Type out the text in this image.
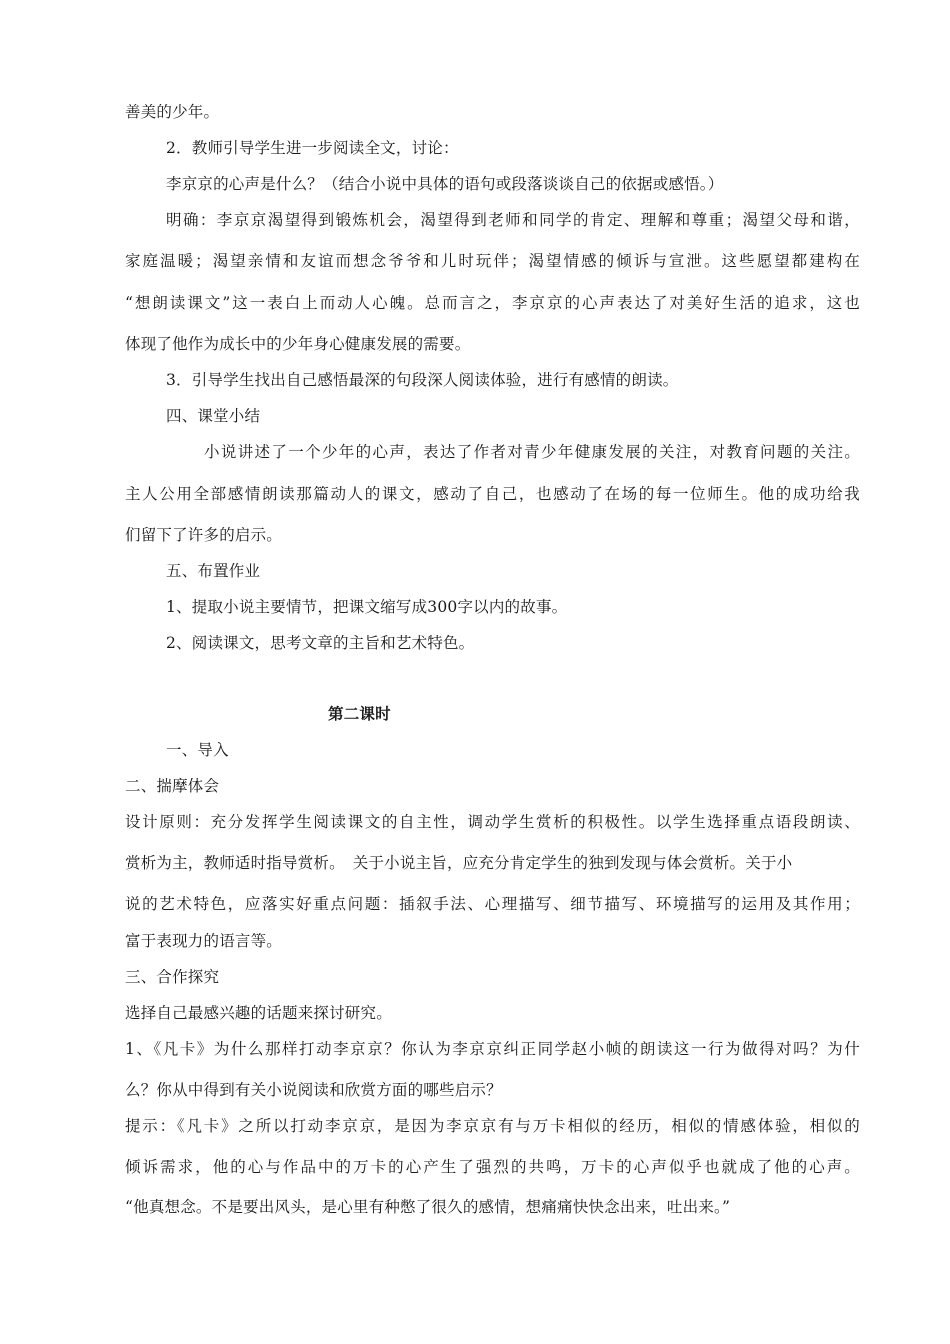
善美的少年。
2．教师引导学生进一步阅读全文，讨论：
李京京的心声是什么？（结合小说中具体的语句或段落谈谈自己的依据或感悟。）
明确：李京京渴望得到锻炼机会，渴望得到老师和同学的肯定、理解和尊重；渴望父母和谐，
家庭温暖；渴望亲情和友谊而想念爷爷和儿时玩伴；渴望情感的倾诉与宣泄。这些愿望都建构在
“想朗读课文”这一表白上而动人心魄。总而言之，李京京的心声表达了对美好生活的追求，这也
体现了他作为成长中的少年身心健康发展的需要。
3．引导学生找出自己感悟最深的句段深人阅读体验，进行有感情的朗读。
四、课堂小结
小说讲述了一个少年的心声，表达了作者对青少年健康发展的关注，对教育问题的关注。
主人公用全部感情朗读那篇动人的课文，感动了自己，也感动了在场的每一位师生。他的成功给我
们留下了许多的启示。
五、布置作业
1、提取小说主要情节，把课文缩写成300字以内的故事。
2、阅读课文，思考文章的主旨和艺术特色。
第二课时
一、导入
二、揣摩体会
设计原则：充分发挥学生阅读课文的自主性，调动学生赏析的积极性。以学生选择重点语段朗读、
赏析为主，教师适时指导赏析。　关于小说主旨，应充分肯定学生的独到发现与体会赏析。关于小
说的艺术特色，应落实好重点问题：插叙手法、心理描写、细节描写、环境描写的运用及其作用；
富于表现力的语言等。
三、合作探究
选择自己最感兴趣的话题来探讨研究。
1、《凡卡》为什么那样打动李京京？你认为李京京纠正同学赵小帧的朗读这一行为做得对吗？为什
么？你从中得到有关小说阅读和欣赏方面的哪些启示？
提示：《凡卡》之所以打动李京京，是因为李京京有与万卡相似的经历，相似的情感体验，相似的
倾诉需求，他的心与作品中的万卡的心产生了强烈的共鸣，万卡的心声似乎也就成了他的心声。
“他真想念。不是要出风头，是心里有种憋了很久的感情，想痛痛快快念出来，吐出来。”
